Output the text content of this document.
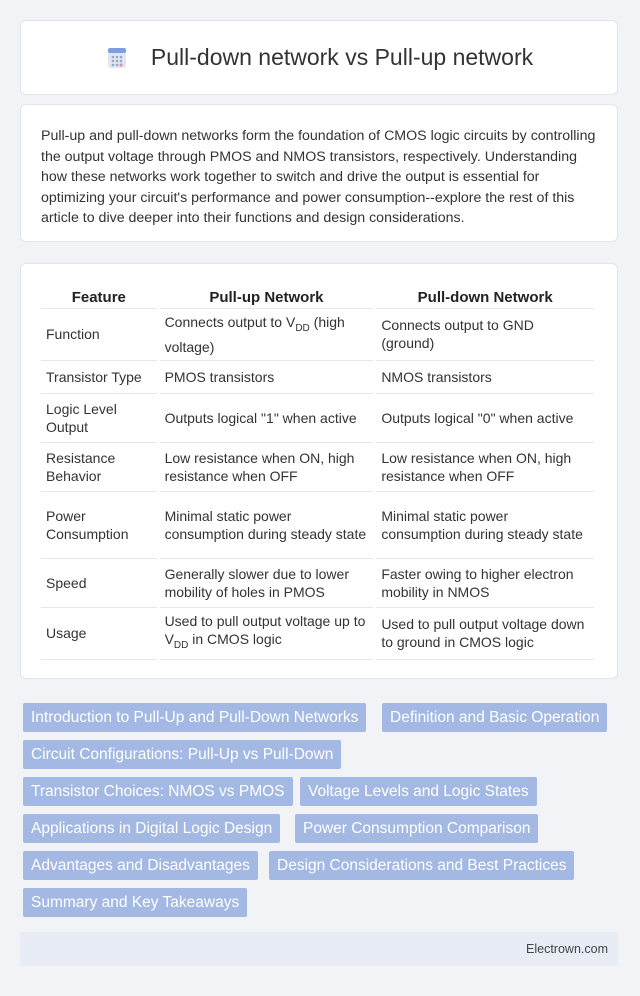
Pull-down network vs Pull-up network

Pull-up and pull-down networks form the foundation of CMOS logic circuits by controlling the output voltage through PMOS and NMOS transistors, respectively. Understanding how these networks work together to switch and drive the output is essential for optimizing your circuit's performance and power consumption--explore the rest of this article to dive deeper into their functions and design considerations.

Feature	Pull-up Network	Pull-down Network
Function	Connects output to $V_{DD}$ (high voltage)	Connects output to GND (ground)
Transistor Type	PMOS transistors	NMOS transistors
Logic Level Output	Outputs logical "1" when active	Outputs logical "0" when active
Resistance Behavior	Low resistance when ON, high resistance when OFF	Low resistance when ON, high resistance when OFF
Power Consumption	Minimal static power consumption during steady state	Minimal static power consumption during steady state
Speed	Generally slower due to lower mobility of holes in PMOS	Faster owing to higher electron mobility in NMOS
Usage	Used to pull output voltage up to $V_{DD}$ in CMOS logic	Used to pull output voltage down to ground in CMOS logic
Introduction to Pull-Up and Pull-Down Networks	Definition and Basic Operation
Circuit Configurations: Pull-Up vs Pull-Down
Transistor Choices: NMOS vs PMOS	Voltage Levels and Logic States
Applications in Digital Logic Design	Power Consumption Comparison
Advantages and Disadvantages	Design Considerations and Best Practices
Summary and Key Takeaways
Electrown.com
